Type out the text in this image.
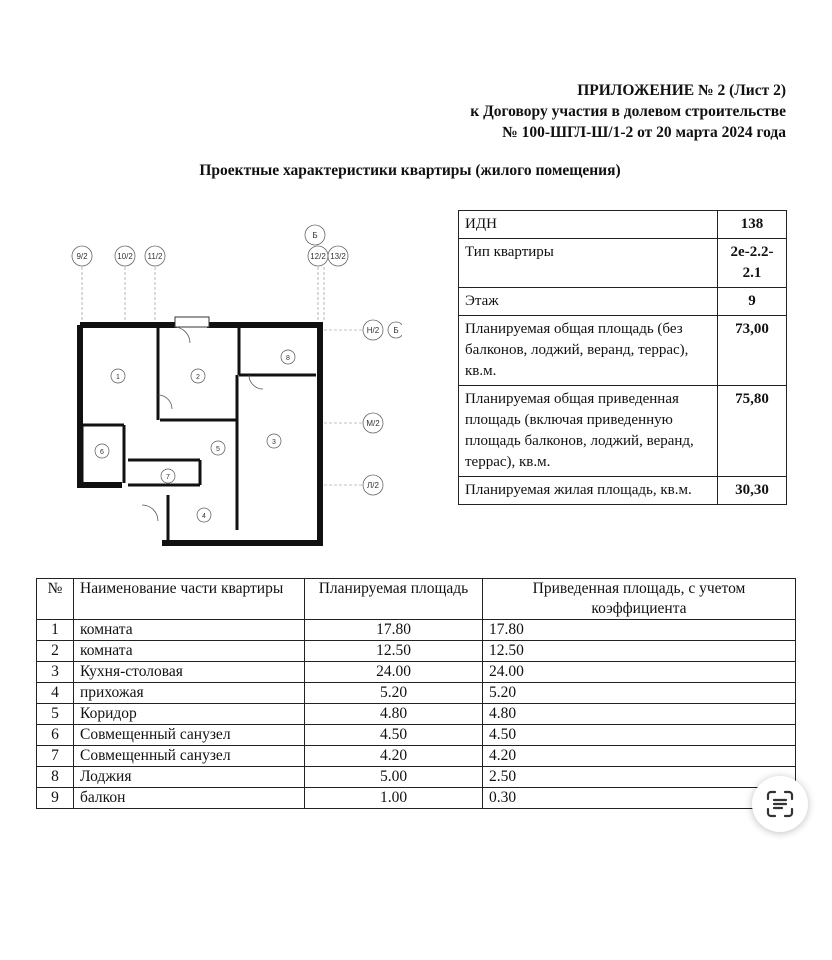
ПРИЛОЖЕНИЕ № 2 (Лист 2)
к Договору участия в долевом строительстве
№ 100-ШГЛ-Ш/1-2 от 20 марта 2024 года
Проектные характеристики квартиры (жилого помещения)
9/2	10/2 11/2	12/2 13/2
Б
Н/2 Б
М/2
Л/2
1	2
3
4
5
6
7
8
ИДН	138
Тип квартиры	2е-2.2-2.1
Этаж	9
Планируемая общая площадь (без балконов, лоджий, веранд, террас), кв.м.	73,00
Планируемая общая приведенная площадь (включая приведенную площадь балконов, лоджий, веранд, террас), кв.м.	75,80
Планируемая жилая площадь, кв.м.	30,30
№	Наименование части квартиры	Планируемая площадь	Приведенная площадь, с учетом коэффициента
1	комната	17.80	17.80
2	комната	12.50	12.50
3	Кухня-столовая	24.00	24.00
4	прихожая	5.20	5.20
5	Коридор	4.80	4.80
6	Совмещенный санузел	4.50	4.50
7	Совмещенный санузел	4.20	4.20
8	Лоджия	5.00	2.50
9	балкон	1.00	0.30
